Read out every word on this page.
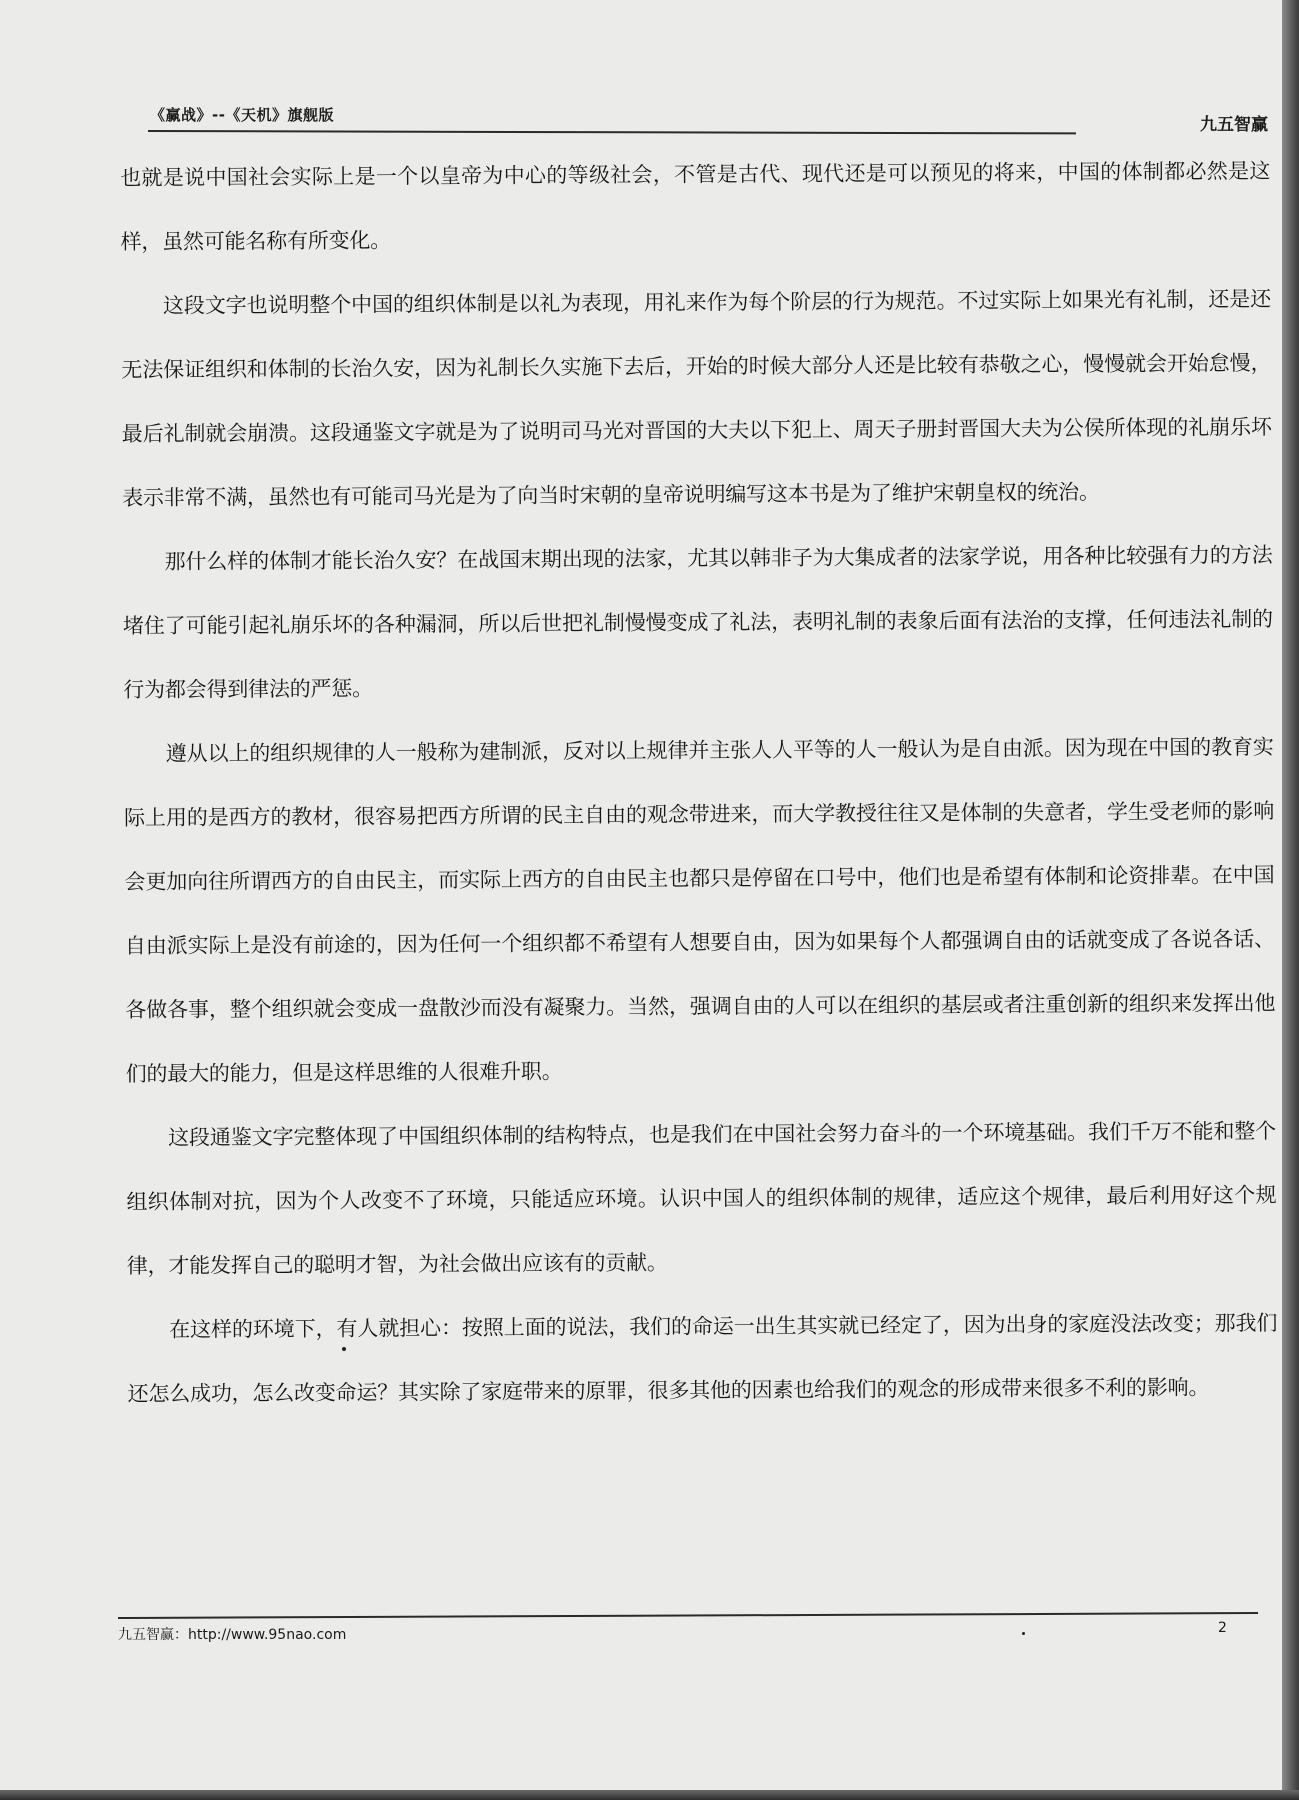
《赢战》--《天机》旗舰版	九五智赢

也就是说中国社会实际上是一个以皇帝为中心的等级社会，不管是古代、现代还是可以预见的将来，中国的体制都必然是这样，虽然可能名称有所变化。

这段文字也说明整个中国的组织体制是以礼为表现，用礼来作为每个阶层的行为规范。不过实际上如果光有礼制，还是还无法保证组织和体制的长治久安，因为礼制长久实施下去后，开始的时候大部分人还是比较有恭敬之心，慢慢就会开始怠慢，最后礼制就会崩溃。这段通鉴文字就是为了说明司马光对晋国的大夫以下犯上、周天子册封晋国大夫为公侯所体现的礼崩乐坏表示非常不满，虽然也有可能司马光是为了向当时宋朝的皇帝说明编写这本书是为了维护宋朝皇权的统治。

那什么样的体制才能长治久安？在战国末期出现的法家，尤其以韩非子为大集成者的法家学说，用各种比较强有力的方法堵住了可能引起礼崩乐坏的各种漏洞，所以后世把礼制慢慢变成了礼法，表明礼制的表象后面有法治的支撑，任何违法礼制的行为都会得到律法的严惩。

遵从以上的组织规律的人一般称为建制派，反对以上规律并主张人人平等的人一般认为是自由派。因为现在中国的教育实际上用的是西方的教材，很容易把西方所谓的民主自由的观念带进来，而大学教授往往又是体制的失意者，学生受老师的影响会更加向往所谓西方的自由民主，而实际上西方的自由民主也都只是停留在口号中，他们也是希望有体制和论资排辈。在中国自由派实际上是没有前途的，因为任何一个组织都不希望有人想要自由，因为如果每个人都强调自由的话就变成了各说各话、各做各事，整个组织就会变成一盘散沙而没有凝聚力。当然，强调自由的人可以在组织的基层或者注重创新的组织来发挥出他们的最大的能力，但是这样思维的人很难升职。

这段通鉴文字完整体现了中国组织体制的结构特点，也是我们在中国社会努力奋斗的一个环境基础。我们千万不能和整个组织体制对抗，因为个人改变不了环境，只能适应环境。认识中国人的组织体制的规律，适应这个规律，最后利用好这个规律，才能发挥自己的聪明才智，为社会做出应该有的贡献。

在这样的环境下，有人就担心：按照上面的说法，我们的命运一出生其实就已经定了，因为出身的家庭没法改变；那我们还怎么成功，怎么改变命运？其实除了家庭带来的原罪，很多其他的因素也给我们的观念的形成带来很多不利的影响。

九五智赢：http://www.95nao.com	2
